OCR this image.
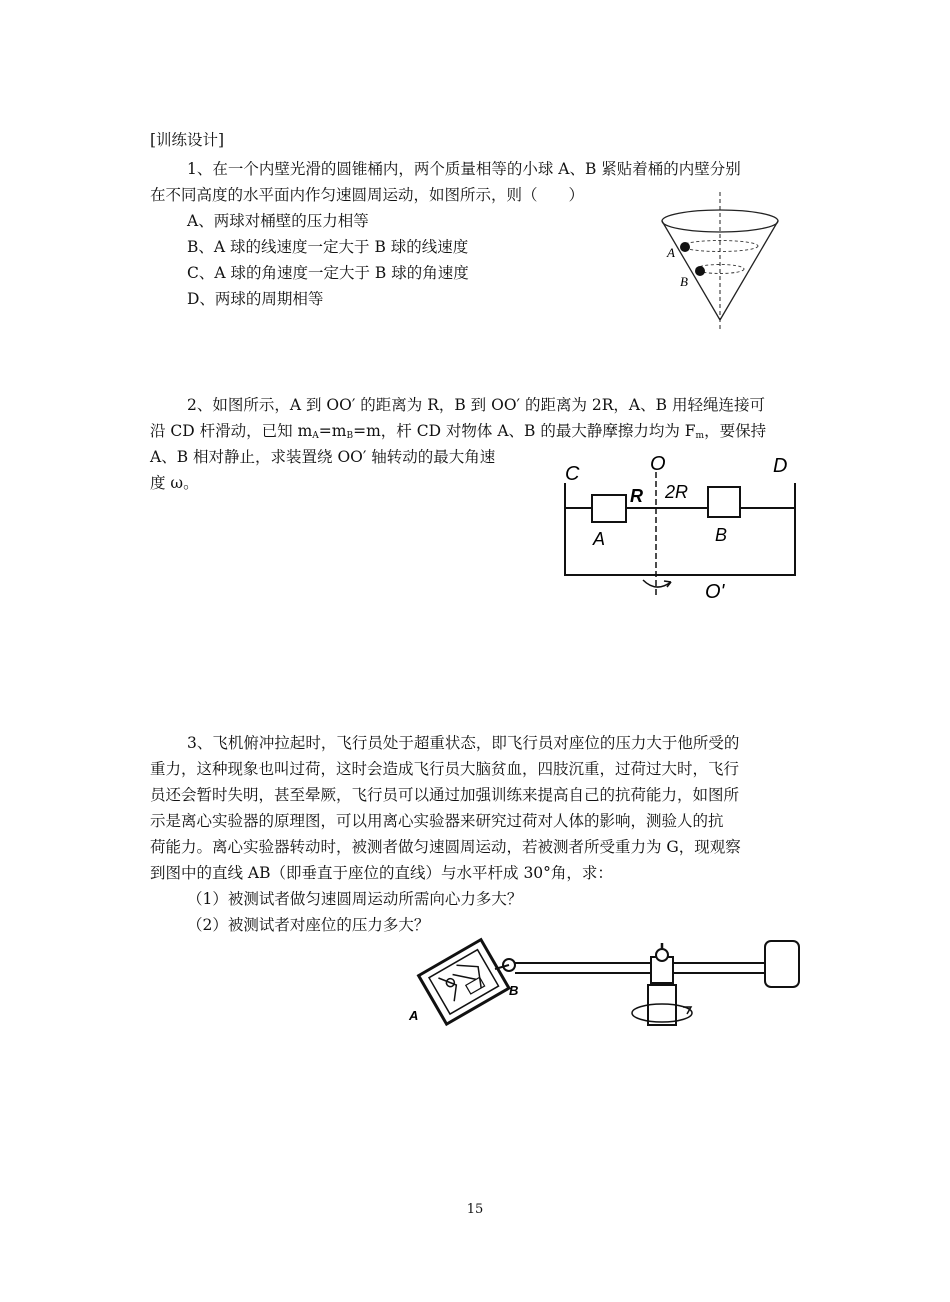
[训练设计]
1、在一个内壁光滑的圆锥桶内，两个质量相等的小球 A、B 紧贴着桶的内壁分别
在不同高度的水平面内作匀速圆周运动，如图所示，则（　　）
A、两球对桶壁的压力相等
B、A 球的线速度一定大于 B 球的线速度
C、A 球的角速度一定大于 B 球的角速度
D、两球的周期相等
A
B
2、如图所示，A 到 OO′ 的距离为 R，B 到 OO′ 的距离为 2R，A、B 用轻绳连接可
沿 CD 杆滑动，已知 $m_A=m_B=m$，杆 CD 对物体 A、B 的最大静摩擦力均为 $F_m$，要保持
A、B 相对静止，求装置绕 OO′ 轴转动的最大角速
度 ω。	C	O	D
R 2R
A	B
O'
3、飞机俯冲拉起时，飞行员处于超重状态，即飞行员对座位的压力大于他所受的
重力，这种现象也叫过荷，这时会造成飞行员大脑贫血，四肢沉重，过荷过大时，飞行
员还会暂时失明，甚至晕厥，飞行员可以通过加强训练来提高自己的抗荷能力，如图所
示是离心实验器的原理图，可以用离心实验器来研究过荷对人体的影响，测验人的抗
荷能力。离心实验器转动时，被测者做匀速圆周运动，若被测者所受重力为 G，现观察
到图中的直线 AB（即垂直于座位的直线）与水平杆成 30°角，求：
（1）被测试者做匀速圆周运动所需向心力多大？
（2）被测试者对座位的压力多大？
A
B
15
